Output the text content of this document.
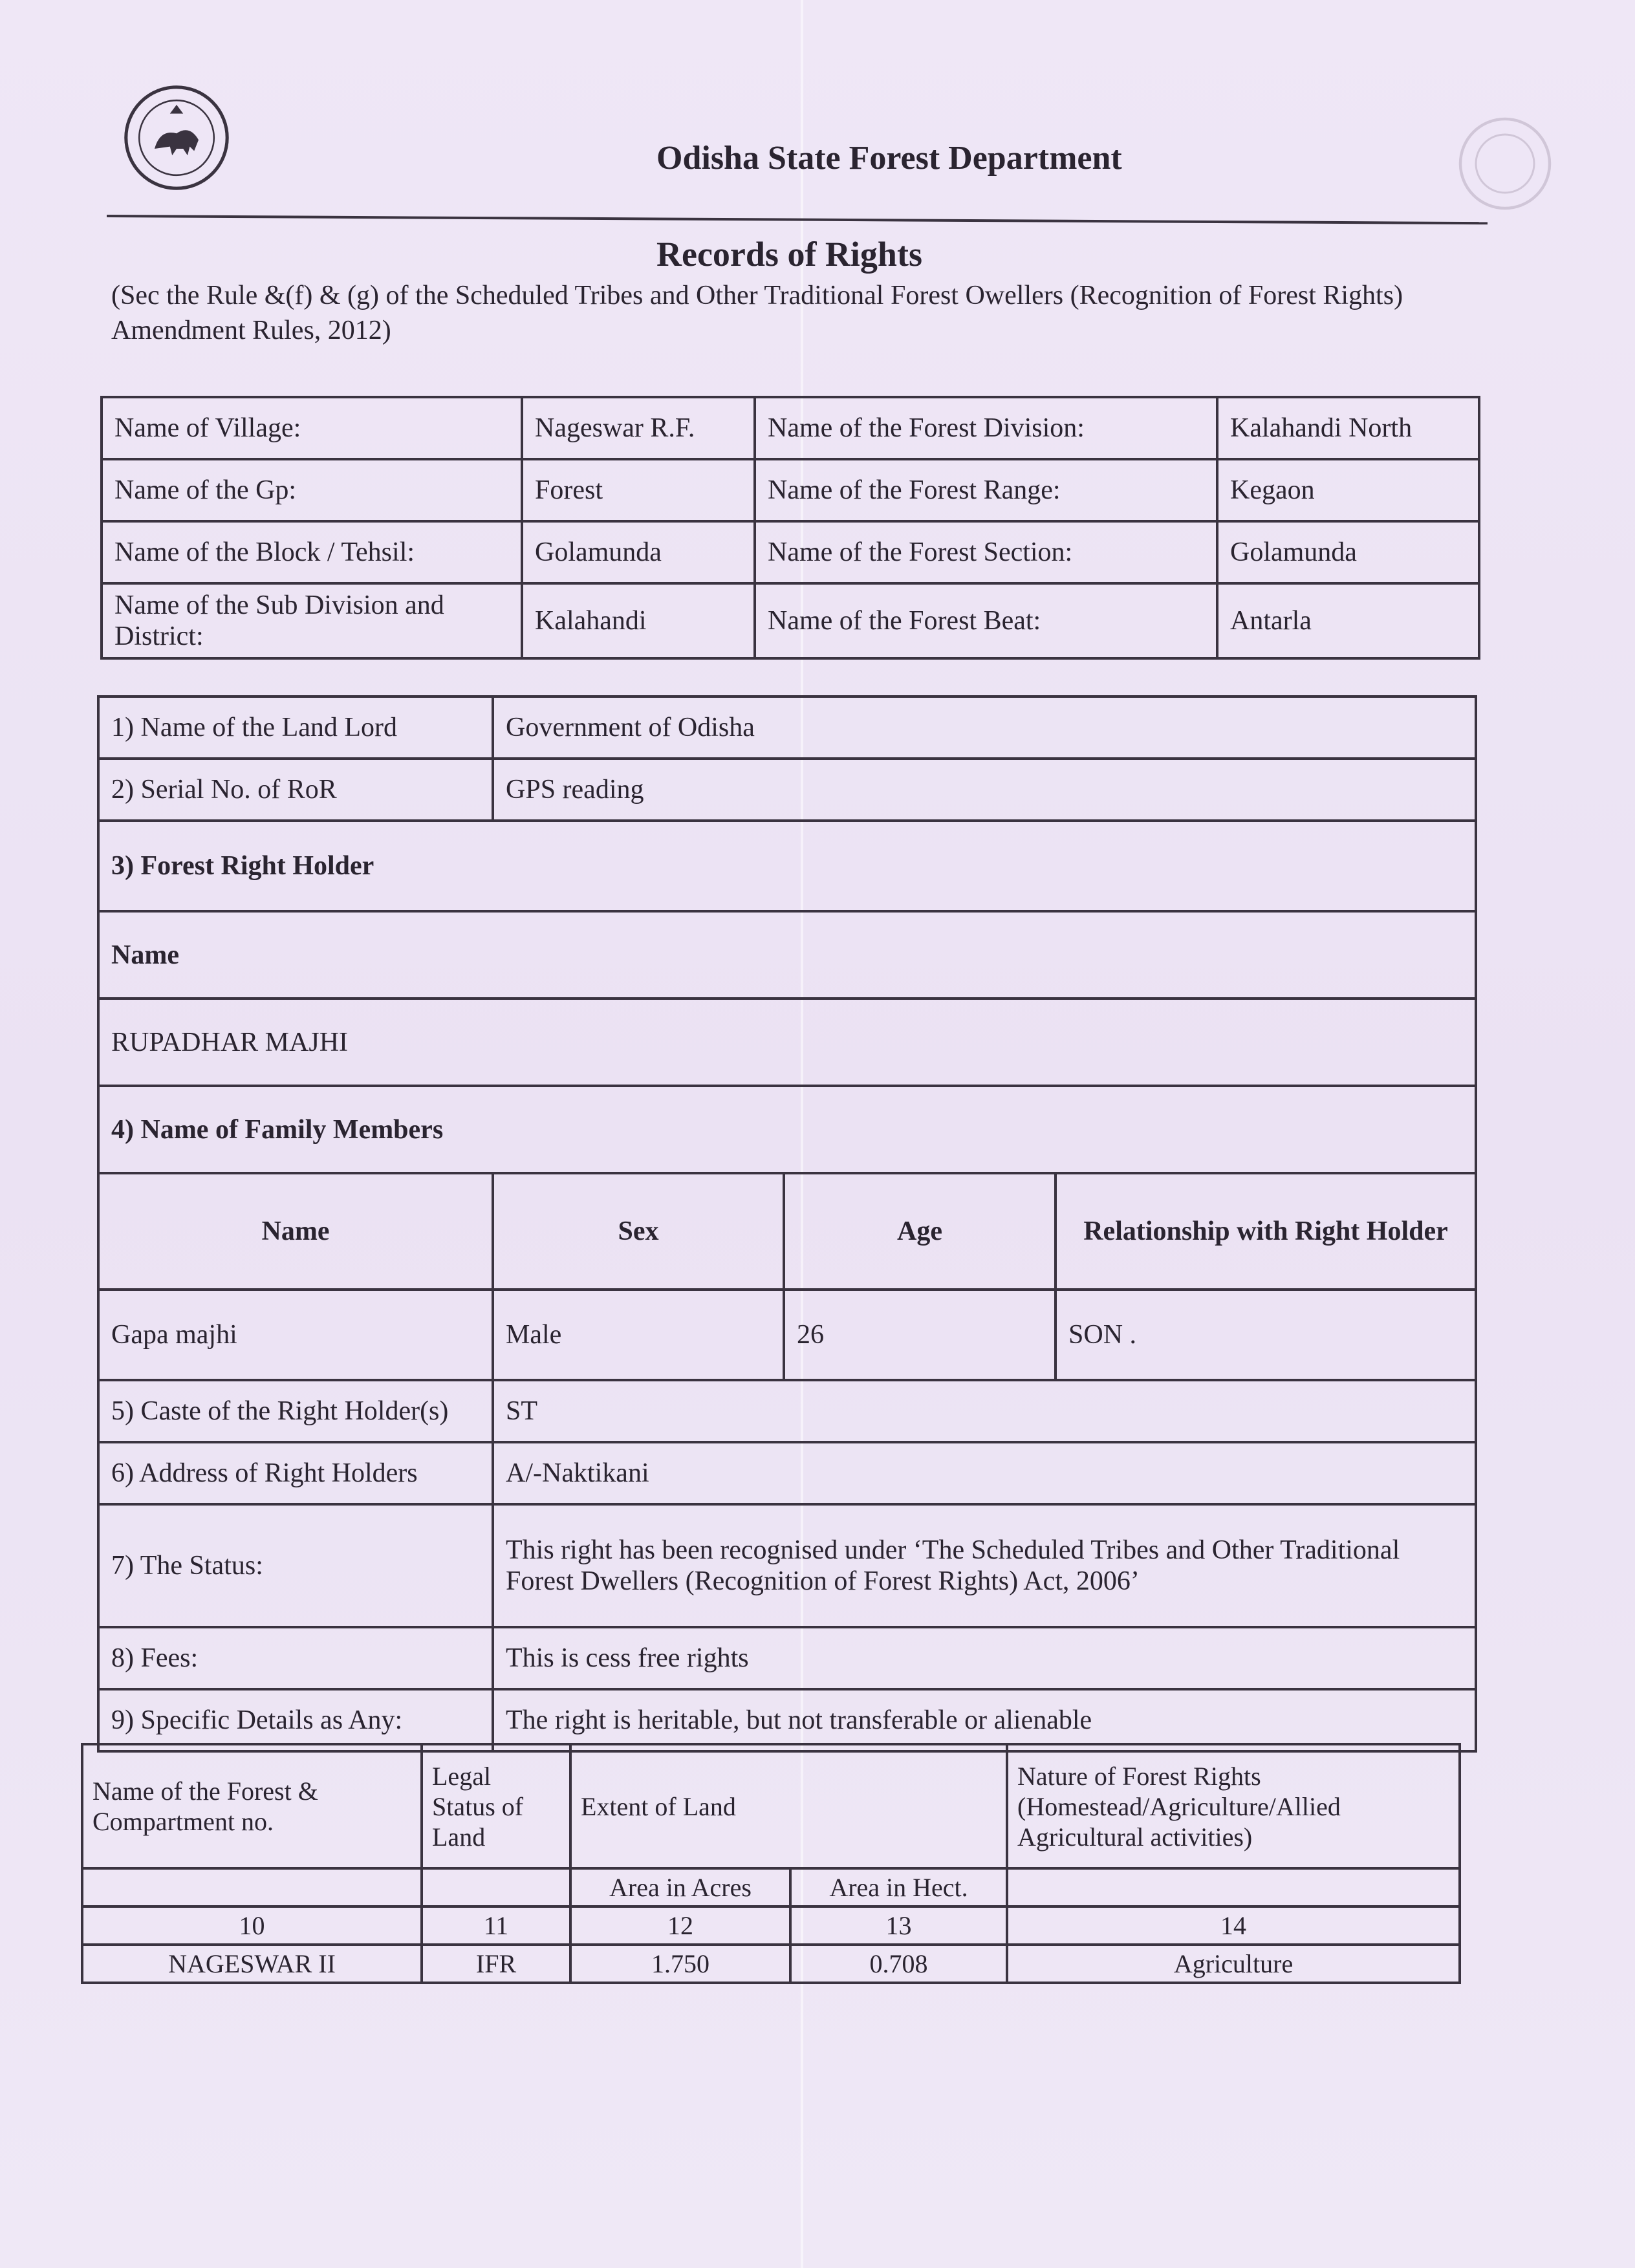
Odisha State Forest Department
Records of Rights
(Sec the Rule &(f) & (g) of the Scheduled Tribes and Other Traditional Forest Owellers (Recognition of Forest Rights) Amendment Rules, 2012)
Name of Village:	Nageswar R.F.	Name of the Forest Division:	Kalahandi North
Name of the Gp:	Forest	Name of the Forest Range:	Kegaon
Name of the Block / Tehsil:	Golamunda	Name of the Forest Section:	Golamunda
Name of the Sub Division and District:	Kalahandi	Name of the Forest Beat:	Antarla
1) Name of the Land Lord	Government of Odisha		
2) Serial No. of RoR	GPS reading		
3) Forest Right Holder			
Name			
RUPADHAR MAJHI			
4) Name of Family Members			
Name	Sex	Age	Relationship with Right Holder
Gapa majhi	Male	26	SON .
5) Caste of the Right Holder(s)	ST		
6) Address of Right Holders	A/-Naktikani		
7) The Status:	This right has been recognised under ‘The Scheduled Tribes and Other Traditional Forest Dwellers (Recognition of Forest Rights) Act, 2006’		
8) Fees:	This is cess free rights		
9) Specific Details as Any:	The right is heritable, but not transferable or alienable		
Name of the Forest & Compartment no.	Legal Status of Land	Extent of Land		Nature of Forest Rights (Homestead/Agriculture/Allied Agricultural activities)
		Area in Acres	Area in Hect.	
10	11	12	13	14
NAGESWAR II	IFR	1.750	0.708	Agriculture
